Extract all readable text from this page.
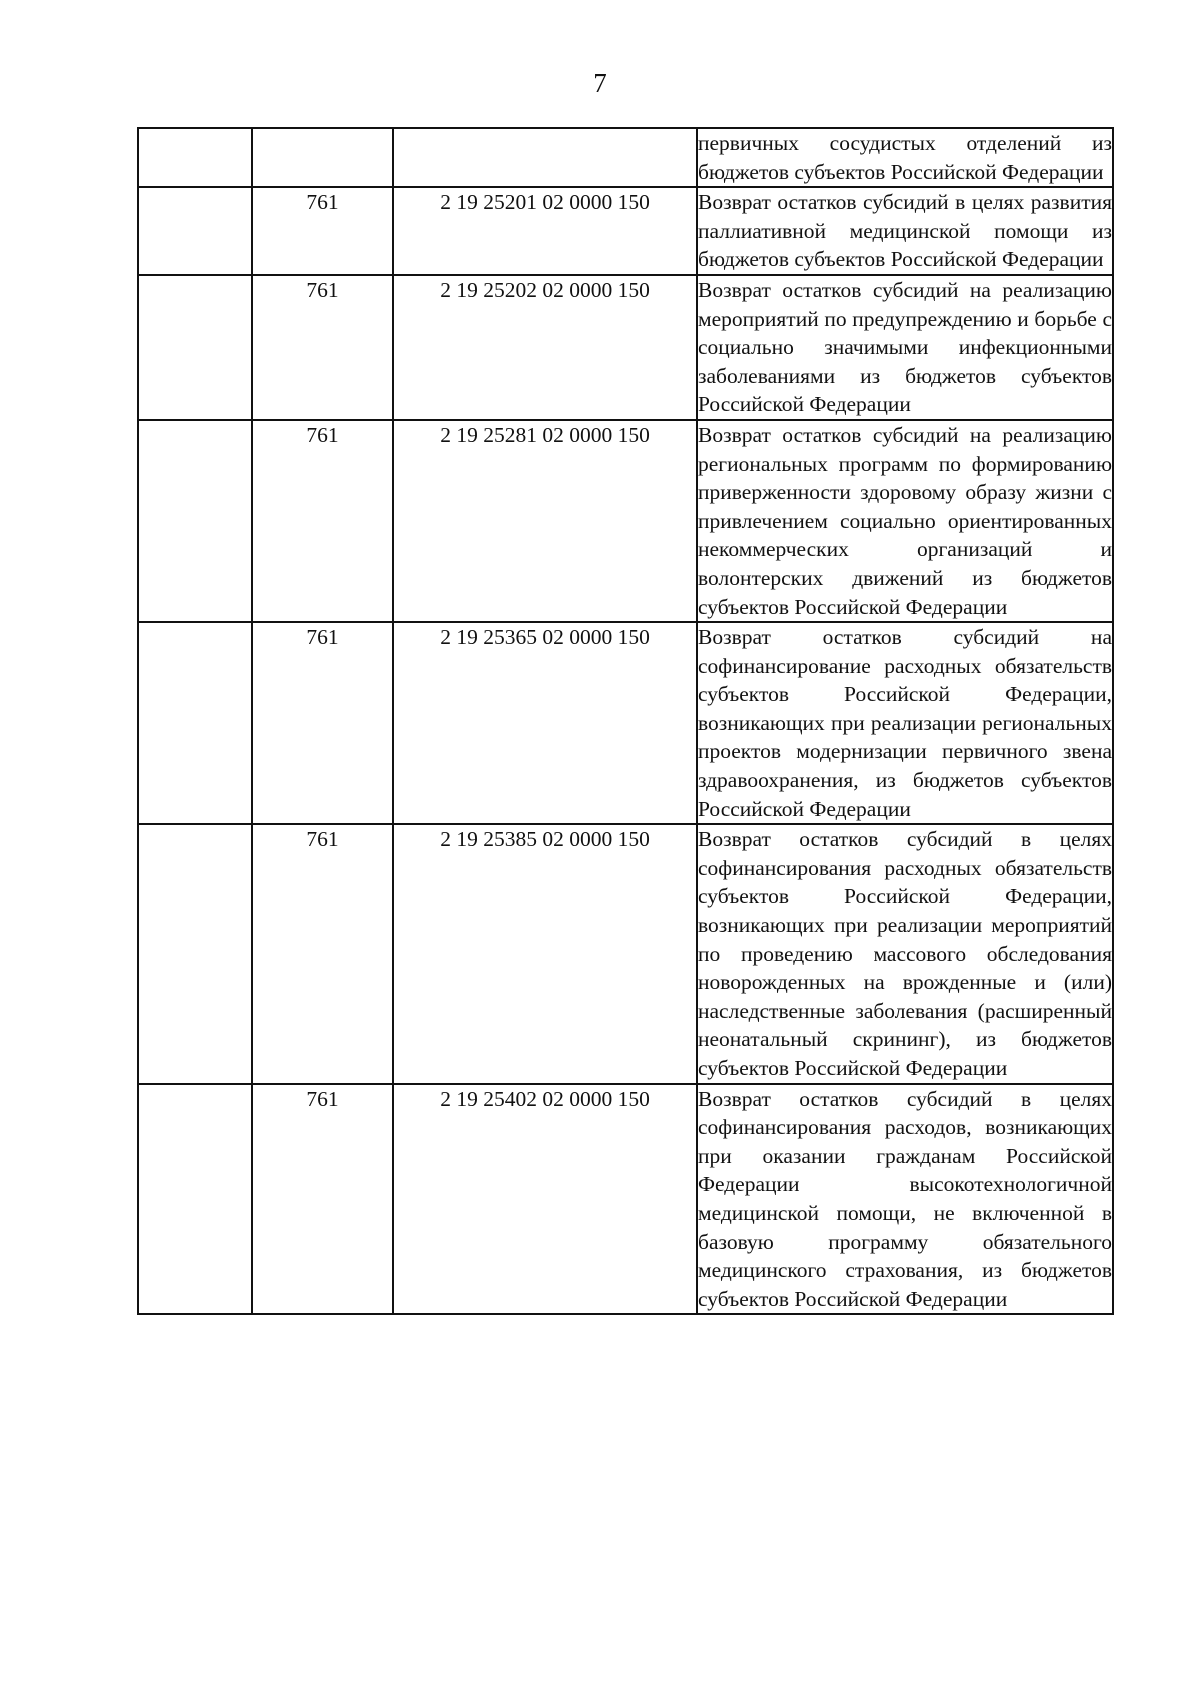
7
			первичных сосудистых отделений из бюджетов субъектов Российской Федерации
	761	2 19 25201 02 0000 150	Возврат остатков субсидий в целях развития паллиативной медицинской помощи из бюджетов субъектов Российской Федерации
	761	2 19 25202 02 0000 150	Возврат остатков субсидий на реализацию мероприятий по предупреждению и борьбе с социально значимыми инфекционными заболеваниями из бюджетов субъектов Российской Федерации
	761	2 19 25281 02 0000 150	Возврат остатков субсидий на реализацию региональных программ по формированию приверженности здоровому образу жизни с привлечением социально ориентированных некоммерческих организаций и волонтерских движений из бюджетов субъектов Российской Федерации
	761	2 19 25365 02 0000 150	Возврат остатков субсидий на софинансирование расходных обязательств субъектов Российской Федерации, возникающих при реализации региональных проектов модернизации первичного звена здравоохранения, из бюджетов субъектов Российской Федерации
	761	2 19 25385 02 0000 150	Возврат остатков субсидий в целях софинансирования расходных обязательств субъектов Российской Федерации, возникающих при реализации мероприятий по проведению массового обследования новорожденных на врожденные и (или) наследственные заболевания (расширенный неонатальный скрининг), из бюджетов субъектов Российской Федерации
	761	2 19 25402 02 0000 150	Возврат остатков субсидий в целях софинансирования расходов, возникающих при оказании гражданам Российской Федерации высокотехнологичной медицинской помощи, не включенной в базовую программу обязательного медицинского страхования, из бюджетов субъектов Российской Федерации
